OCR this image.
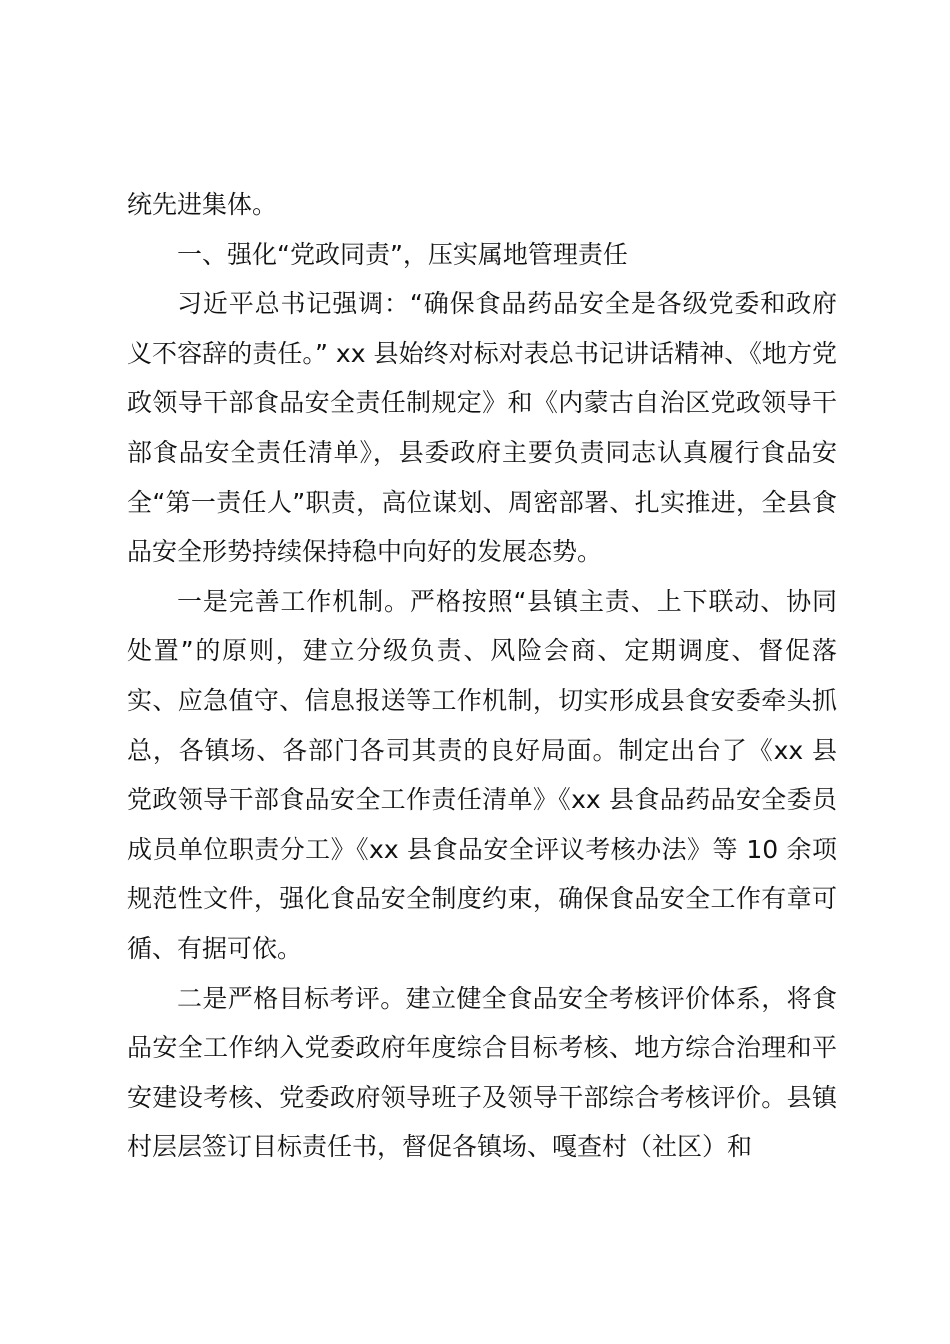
统先进集体。

一、强化“党政同责”，压实属地管理责任

习近平总书记强调：“确保食品药品安全是各级党委和政府义不容辞的责任。” xx 县始终对标对表总书记讲话精神、《地方党政领导干部食品安全责任制规定》和《内蒙古自治区党政领导干部食品安全责任清单》，县委政府主要负责同志认真履行食品安全“第一责任人”职责，高位谋划、周密部署、扎实推进，全县食品安全形势持续保持稳中向好的发展态势。

一是完善工作机制。严格按照“县镇主责、上下联动、协同处置”的原则，建立分级负责、风险会商、定期调度、督促落实、应急值守、信息报送等工作机制，切实形成县食安委牵头抓总，各镇场、各部门各司其责的良好局面。制定出台了《xx 县党政领导干部食品安全工作责任清单》《xx 县食品药品安全委员成员单位职责分工》《xx 县食品安全评议考核办法》等 10 余项规范性文件，强化食品安全制度约束，确保食品安全工作有章可循、有据可依。

二是严格目标考评。建立健全食品安全考核评价体系，将食品安全工作纳入党委政府年度综合目标考核、地方综合治理和平安建设考核、党委政府领导班子及领导干部综合考核评价。县镇村层层签订目标责任书，督促各镇场、嘎查村（社区）和
